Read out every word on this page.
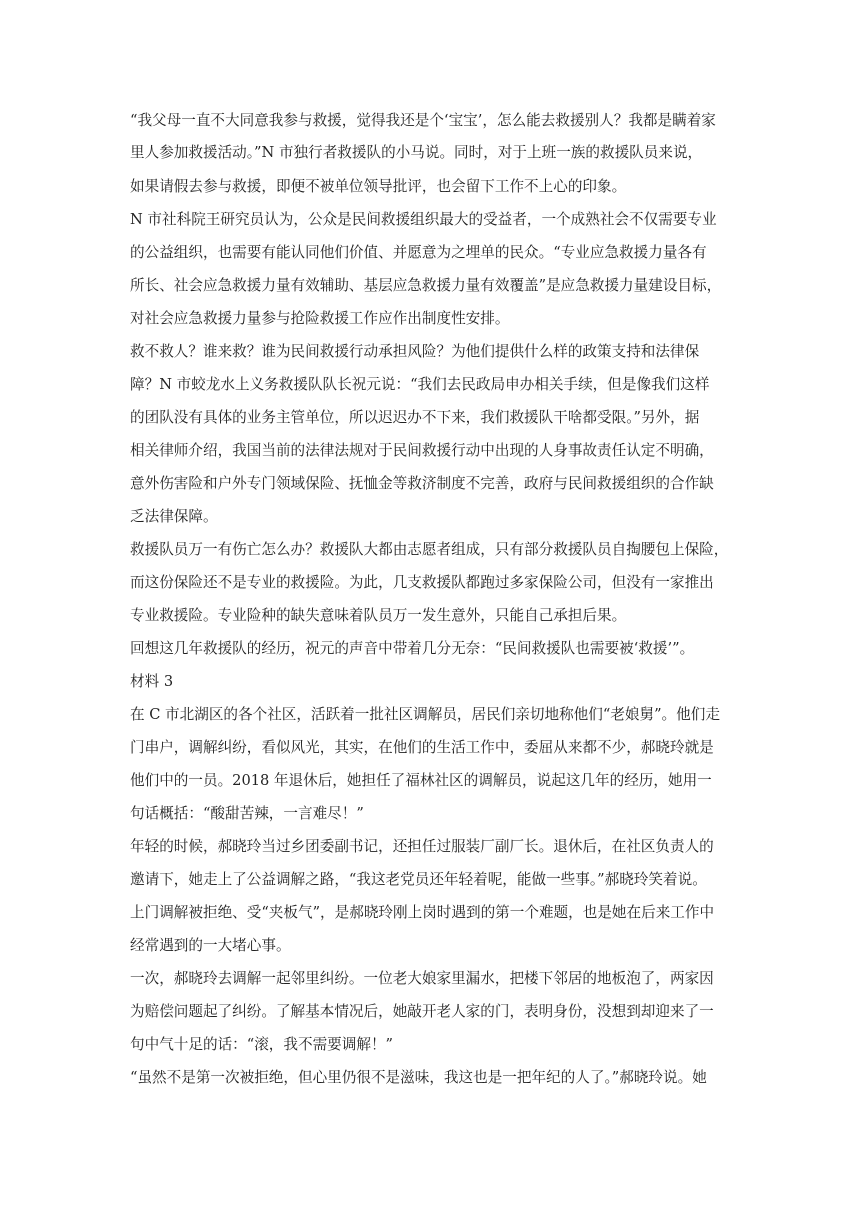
“我父母一直不大同意我参与救援，觉得我还是个‘宝宝’，怎么能去救援别人？我都是瞒着家
里人参加救援活动。”N 市独行者救援队的小马说。同时，对于上班一族的救援队员来说，
如果请假去参与救援，即便不被单位领导批评，也会留下工作不上心的印象。
N 市社科院王研究员认为，公众是民间救援组织最大的受益者，一个成熟社会不仅需要专业
的公益组织，也需要有能认同他们价值、并愿意为之埋单的民众。“专业应急救援力量各有
所长、社会应急救援力量有效辅助、基层应急救援力量有效覆盖”是应急救援力量建设目标，
对社会应急救援力量参与抢险救援工作应作出制度性安排。
救不救人？谁来救？谁为民间救援行动承担风险？为他们提供什么样的政策支持和法律保
障？N 市蛟龙水上义务救援队队长祝元说：“我们去民政局申办相关手续，但是像我们这样
的团队没有具体的业务主管单位，所以迟迟办不下来，我们救援队干啥都受限。”另外，据
相关律师介绍，我国当前的法律法规对于民间救援行动中出现的人身事故责任认定不明确，
意外伤害险和户外专门领域保险、抚恤金等救济制度不完善，政府与民间救援组织的合作缺
乏法律保障。
救援队员万一有伤亡怎么办？救援队大都由志愿者组成，只有部分救援队员自掏腰包上保险，
而这份保险还不是专业的救援险。为此，几支救援队都跑过多家保险公司，但没有一家推出
专业救援险。专业险种的缺失意味着队员万一发生意外，只能自己承担后果。
回想这几年救援队的经历，祝元的声音中带着几分无奈：“民间救援队也需要被‘救援’”。
材料 3
在 C 市北湖区的各个社区，活跃着一批社区调解员，居民们亲切地称他们“老娘舅”。他们走
门串户，调解纠纷，看似风光，其实，在他们的生活工作中，委屈从来都不少，郝晓玲就是
他们中的一员。2018 年退休后，她担任了福林社区的调解员，说起这几年的经历，她用一
句话概括：“酸甜苦辣，一言难尽！”
年轻的时候，郝晓玲当过乡团委副书记，还担任过服装厂副厂长。退休后，在社区负责人的
邀请下，她走上了公益调解之路，“我这老党员还年轻着呢，能做一些事。”郝晓玲笑着说。
上门调解被拒绝、受“夹板气”，是郝晓玲刚上岗时遇到的第一个难题，也是她在后来工作中
经常遇到的一大堵心事。
一次，郝晓玲去调解一起邻里纠纷。一位老大娘家里漏水，把楼下邻居的地板泡了，两家因
为赔偿问题起了纠纷。了解基本情况后，她敲开老人家的门，表明身份，没想到却迎来了一
句中气十足的话：“滚，我不需要调解！”
“虽然不是第一次被拒绝，但心里仍很不是滋味，我这也是一把年纪的人了。”郝晓玲说。她
